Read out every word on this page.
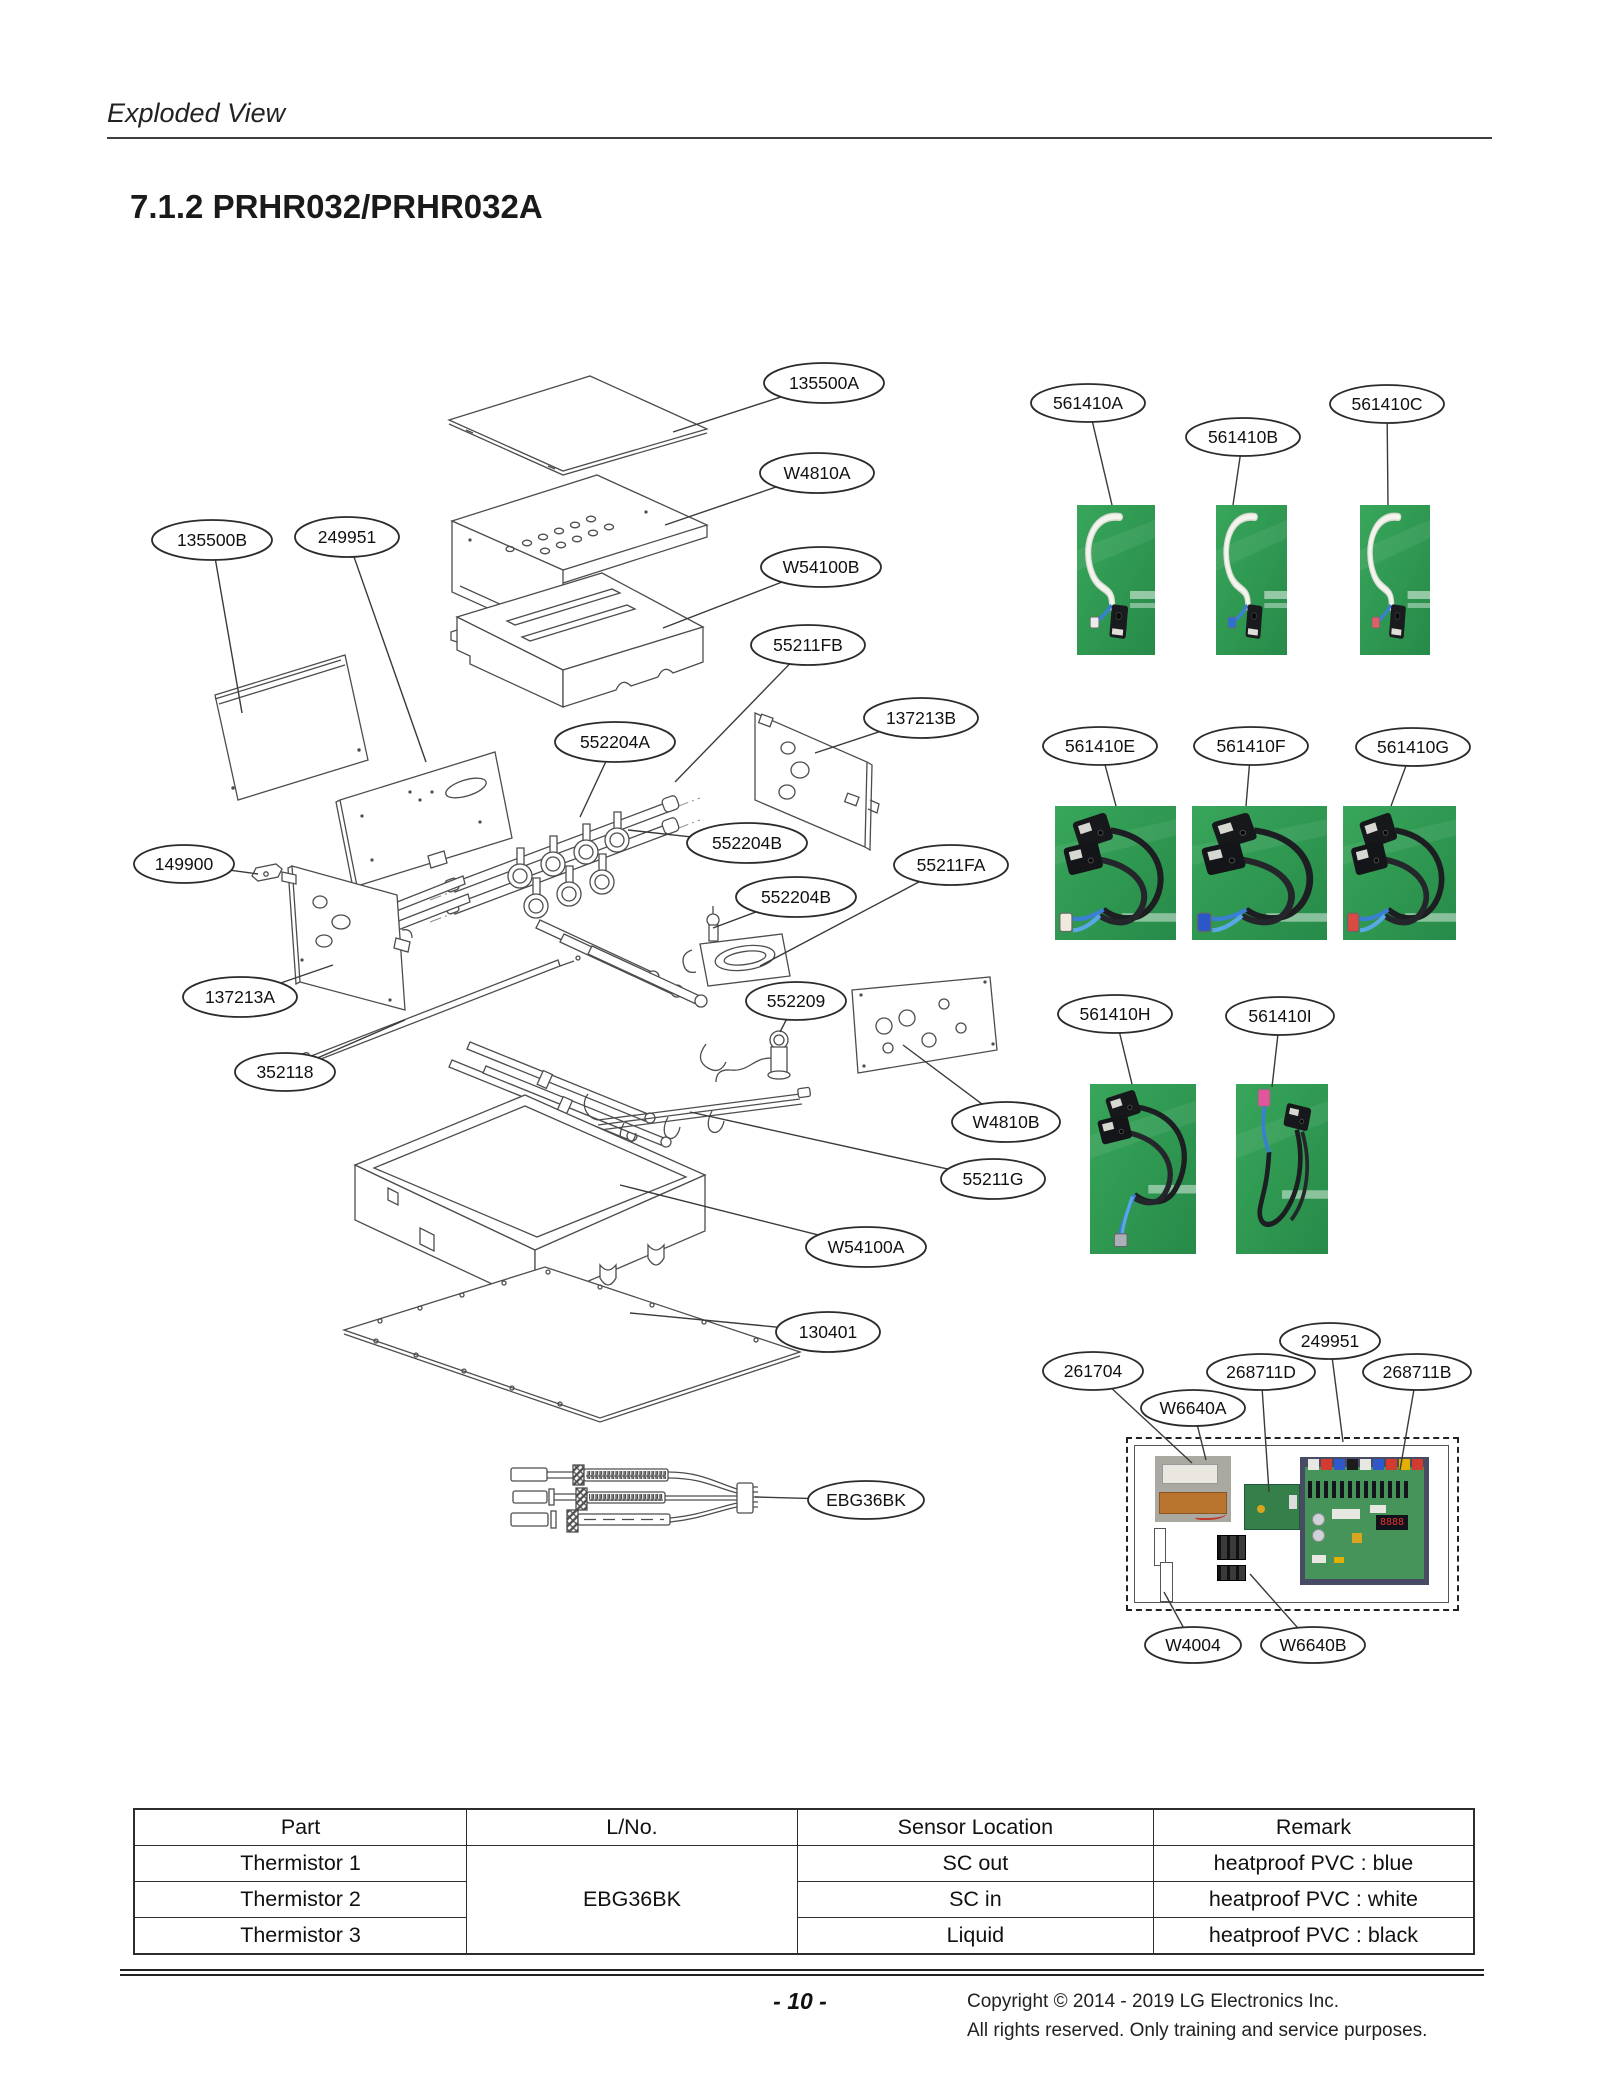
Exploded View
7.1.2 PRHR032/PRHR032A
8888
135500A
W4810A
W54100B
135500B	249951
55211FB
137213B
552204A
552204B
55211FA
552204B
149900
137213A
352118
552209
W4810B
55211G
W54100A
130401
EBG36BK
561410A
561410B
561410C
561410E	561410F	561410G
561410H	561410I
261704
W6640A
268711D
249951
268711B
W4004	W6640B
Part	L/No.	Sensor Location	Remark
Thermistor 1	EBG36BK	SC out	heatproof PVC : blue
Thermistor 2		SC in	heatproof PVC : white
Thermistor 3		Liquid	heatproof PVC : black
- 10 -	Copyright © 2014 - 2019 LG Electronics Inc.
All rights reserved. Only training and service purposes.
